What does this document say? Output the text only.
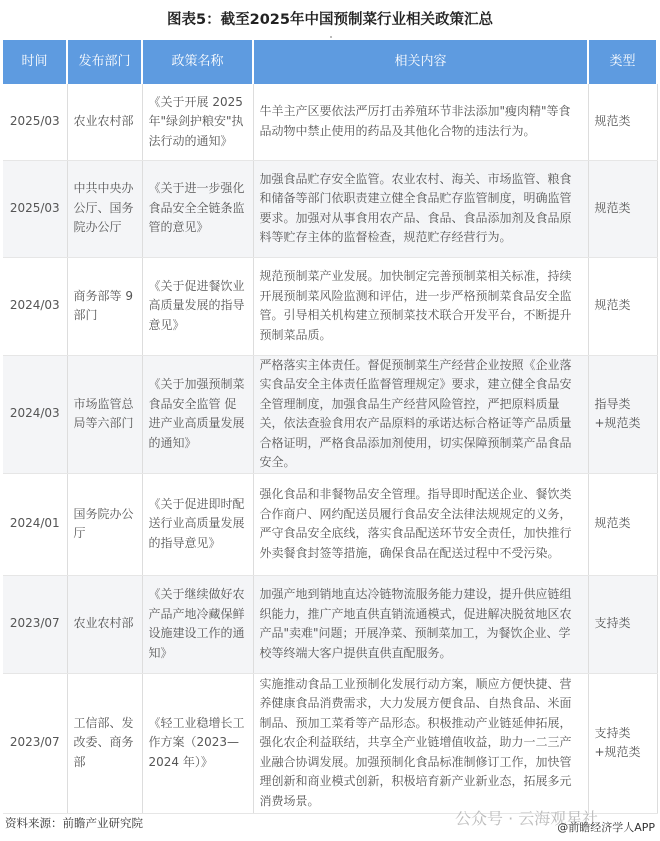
图表5：截至2025年中国预制菜行业相关政策汇总
时间	发布部门	政策名称	相关内容	类型
2025/03	农业农村部	《关于开展 2025 年"绿剑护粮安"执法行动的通知》	牛羊主产区要依法严厉打击养殖环节非法添加"瘦肉精"等食品动物中禁止使用的药品及其他化合物的违法行为。	规范类
2025/03	中共中央办公厅、国务院办公厅	《关于进一步强化食品安全全链条监管的意见》	加强食品贮存安全监管。农业农村、海关、市场监管、粮食和储备等部门依职责建立健全食品贮存监管制度，明确监管要求。加强对从事食用农产品、食品、食品添加剂及食品原料等贮存主体的监督检查，规范贮存经营行为。	规范类
2024/03	商务部等 9 部门	《关于促进餐饮业高质量发展的指导意见》	规范预制菜产业发展。加快制定完善预制菜相关标准，持续开展预制菜风险监测和评估，进一步严格预制菜食品安全监管。引导相关机构建立预制菜技术联合开发平台，不断提升预制菜品质。	规范类
2024/03	市场监管总局等六部门	《关于加强预制菜食品安全监管 促进产业高质量发展的通知》	严格落实主体责任。督促预制菜生产经营企业按照《企业落实食品安全主体责任监督管理规定》要求，建立健全食品安全管理制度，加强食品生产经营风险管控，严把原料质量关，依法查验食用农产品原料的承诺达标合格证等产品质量合格证明，严格食品添加剂使用，切实保障预制菜产品食品安全。	指导类+规范类
2024/01	国务院办公厅	《关于促进即时配送行业高质量发展的指导意见》	强化食品和非餐物品安全管理。指导即时配送企业、餐饮类合作商户、网约配送员履行食品安全法律法规规定的义务，严守食品安全底线，落实食品配送环节安全责任，加快推行外卖餐食封签等措施，确保食品在配送过程中不受污染。	规范类
2023/07	农业农村部	《关于继续做好农产品产地冷藏保鲜设施建设工作的通知》	加强产地到销地直达冷链物流服务能力建设，提升供应链组织能力，推广产地直供直销流通模式，促进解决脱贫地区农产品"卖难"问题；开展净菜、预制菜加工，为餐饮企业、学校等终端大客户提供直供直配服务。	支持类
2023/07	工信部、发改委、商务部	《轻工业稳增长工作方案（2023—2024 年）》	实施推动食品工业预制化发展行动方案，顺应方便快捷、营养健康食品消费需求，大力发展方便食品、自热食品、米面制品、预加工菜肴等产品形态。积极推动产业链延伸拓展，强化农企利益联结，共享全产业链增值收益，助力一二三产业融合协调发展。加强预制化食品标准制修订工作，加快管理创新和商业模式创新，积极培育新产业新业态，拓展多元消费场景。	支持类+规范类
资料来源：前瞻产业研究院	公众号 · 云海观星社
@前瞻经济学人APP
